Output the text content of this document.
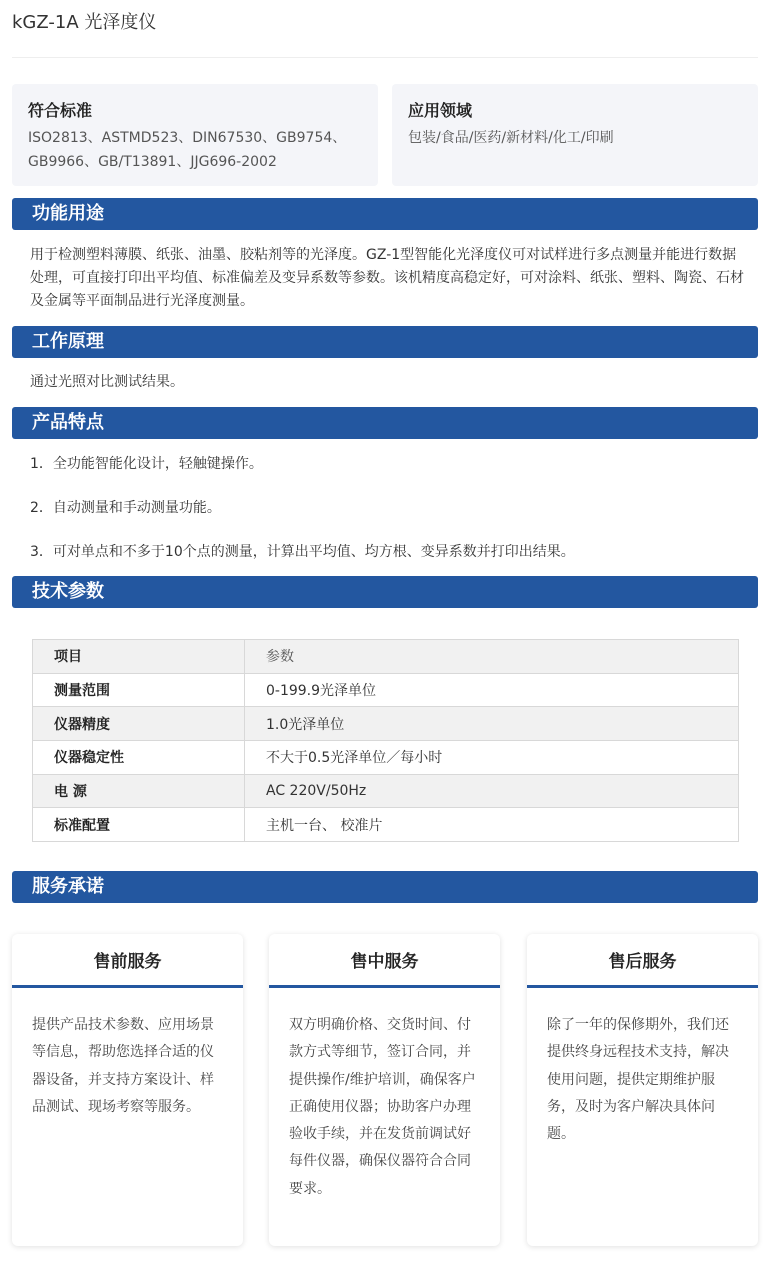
kGZ-1A 光泽度仪
符合标准

ISO2813、ASTMD523、DIN67530、GB9754、GB9966、GB/T13891、JJG696-2002

应用领域

包装/食品/医药/新材料/化工/印刷

功能用途
用于检测塑料薄膜、纸张、油墨、胶粘剂等的光泽度。GZ-1型智能化光泽度仪可对试样进行多点测量并能进行数据处理，可直接打印出平均值、标准偏差及变异系数等参数。该机精度高稳定好，可对涂料、纸张、塑料、陶瓷、石材及金属等平面制品进行光泽度测量。
工作原理
通过光照对比测试结果。
产品特点
1．全功能智能化设计，轻触键操作。
2．自动测量和手动测量功能。
3．可对单点和不多于10个点的测量，计算出平均值、均方根、变异系数并打印出结果。
技术参数
项目	参数
测量范围	0-199.9光泽单位
仪器精度	1.0光泽单位
仪器稳定性	不大于0.5光泽单位／每小时
电 源	AC 220V/50Hz
标准配置	主机一台、 校准片
服务承诺
售前服务
提供产品技术参数、应用场景等信息，帮助您选择合适的仪器设备，并支持方案设计、样品测试、现场考察等服务。
售中服务
双方明确价格、交货时间、付款方式等细节，签订合同，并提供操作/维护培训，确保客户正确使用仪器；协助客户办理验收手续，并在发货前调试好每件仪器，确保仪器符合合同要求。
售后服务
除了一年的保修期外，我们还提供终身远程技术支持，解决使用问题，提供定期维护服务，及时为客户解决具体问题。
